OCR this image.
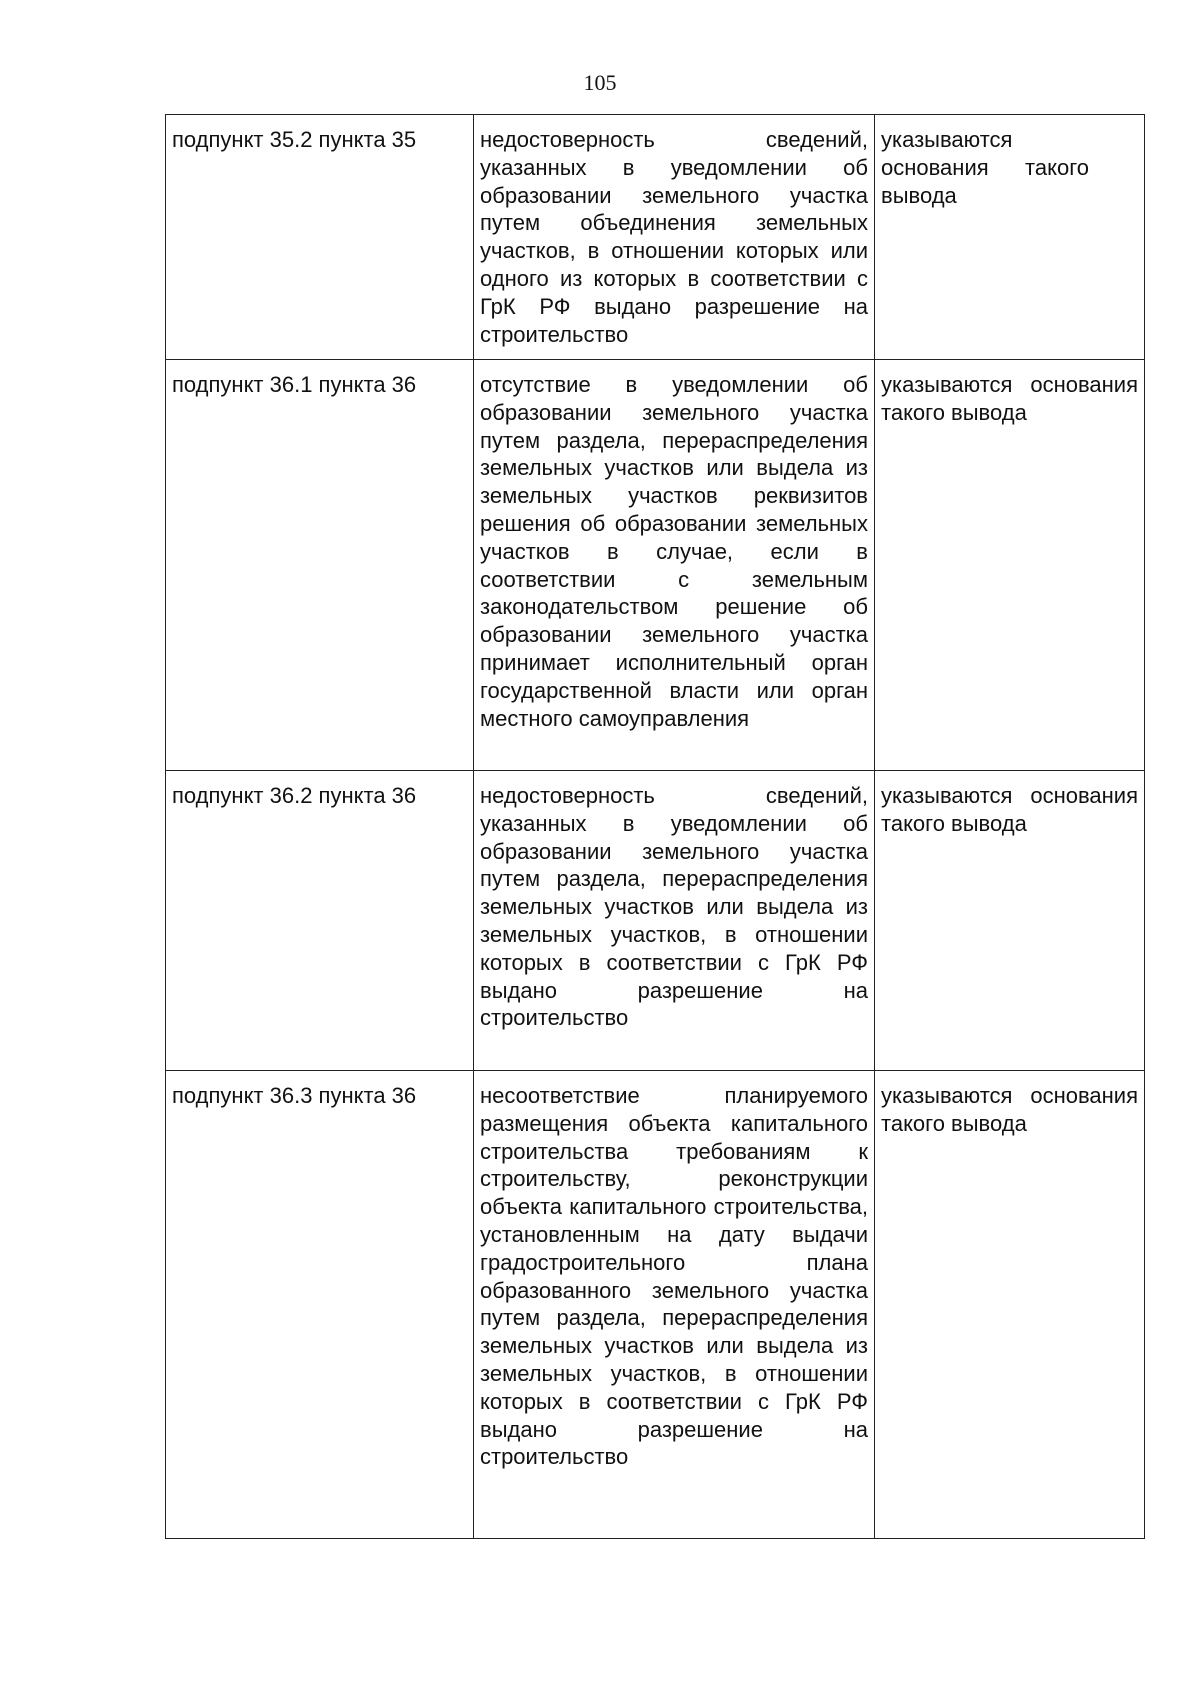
105
подпункт 35.2 пункта 35	недостоверность сведений, указанных в уведомлении об образовании земельного участка путем объединения земельных участков, в отношении которых или одного из которых в соответствии с ГрК РФ выдано разрешение на строительство	указываются основания такого вывода
подпункт 36.1 пункта 36	отсутствие в уведомлении об образовании земельного участка путем раздела, перераспределения земельных участков или выдела из земельных участков реквизитов решения об образовании земельных участков в случае, если в соответствии с земельным законодательством решение об образовании земельного участка принимает исполнительный орган государственной власти или орган местного самоуправления	указываются основания такого вывода
подпункт 36.2 пункта 36	недостоверность сведений, указанных в уведомлении об образовании земельного участка путем раздела, перераспределения земельных участков или выдела из земельных участков, в отношении которых в соответствии с ГрК РФ выдано разрешение на строительство	указываются основания такого вывода
подпункт 36.3 пункта 36	несоответствие планируемого размещения объекта капитального строительства требованиям к строительству, реконструкции объекта капитального строительства, установленным на дату выдачи градостроительного плана образованного земельного участка путем раздела, перераспределения земельных участков или выдела из земельных участков, в отношении которых в соответствии с ГрК РФ выдано разрешение на строительство	указываются основания такого вывода
